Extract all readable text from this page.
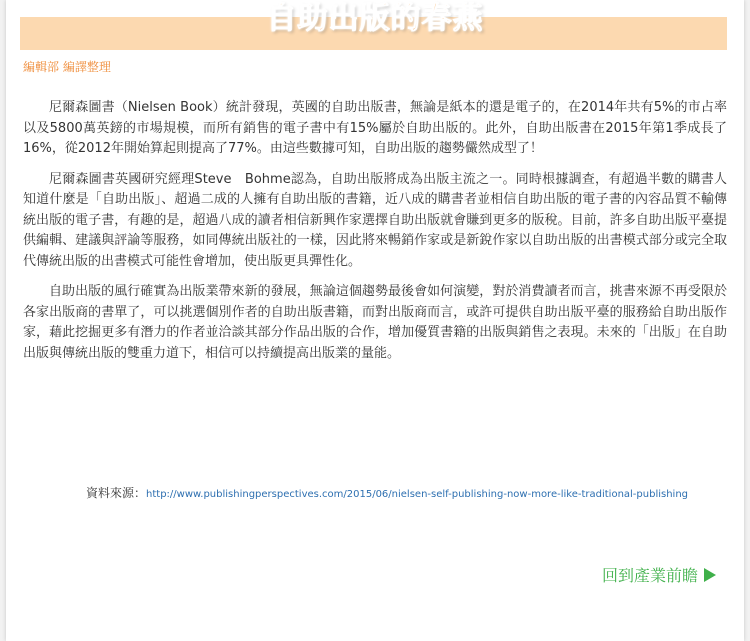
自助出版的春燕
編輯部 編譯整理

尼爾森圖書（Nielsen Book）統計發現，英國的自助出版書，無論是紙本的還是電子的，在2014年共有5%的市占率以及5800萬英鎊的市場規模，而所有銷售的電子書中有15%屬於自助出版的。此外，自助出版書在2015年第1季成長了16%，從2012年開始算起則提高了77%。由這些數據可知，自助出版的趨勢儼然成型了！

尼爾森圖書英國研究經理Steve　Bohme認為，自助出版將成為出版主流之一。同時根據調查，有超過半數的購書人知道什麼是「自助出版」、超過二成的人擁有自助出版的書籍，近八成的購書者並相信自助出版的電子書的內容品質不輸傳統出版的電子書，有趣的是，超過八成的讀者相信新興作家選擇自助出版就會賺到更多的版稅。目前，許多自助出版平臺提供編輯、建議與評論等服務，如同傳統出版社的一樣，因此將來暢銷作家或是新銳作家以自助出版的出書模式部分或完全取代傳統出版的出書模式可能性會增加，使出版更具彈性化。

自助出版的風行確實為出版業帶來新的發展，無論這個趨勢最後會如何演變，對於消費讀者而言，挑書來源不再受限於各家出版商的書單了，可以挑選個別作者的自助出版書籍，而對出版商而言，或許可提供自助出版平臺的服務給自助出版作家，藉此挖掘更多有潛力的作者並洽談其部分作品出版的合作，增加優質書籍的出版與銷售之表現。未來的「出版」在自助出版與傳統出版的雙重力道下，相信可以持續提高出版業的量能。

資料來源：http://www.publishingperspectives.com/2015/06/nielsen-self-publishing-now-more-like-traditional-publishing
回到產業前瞻
